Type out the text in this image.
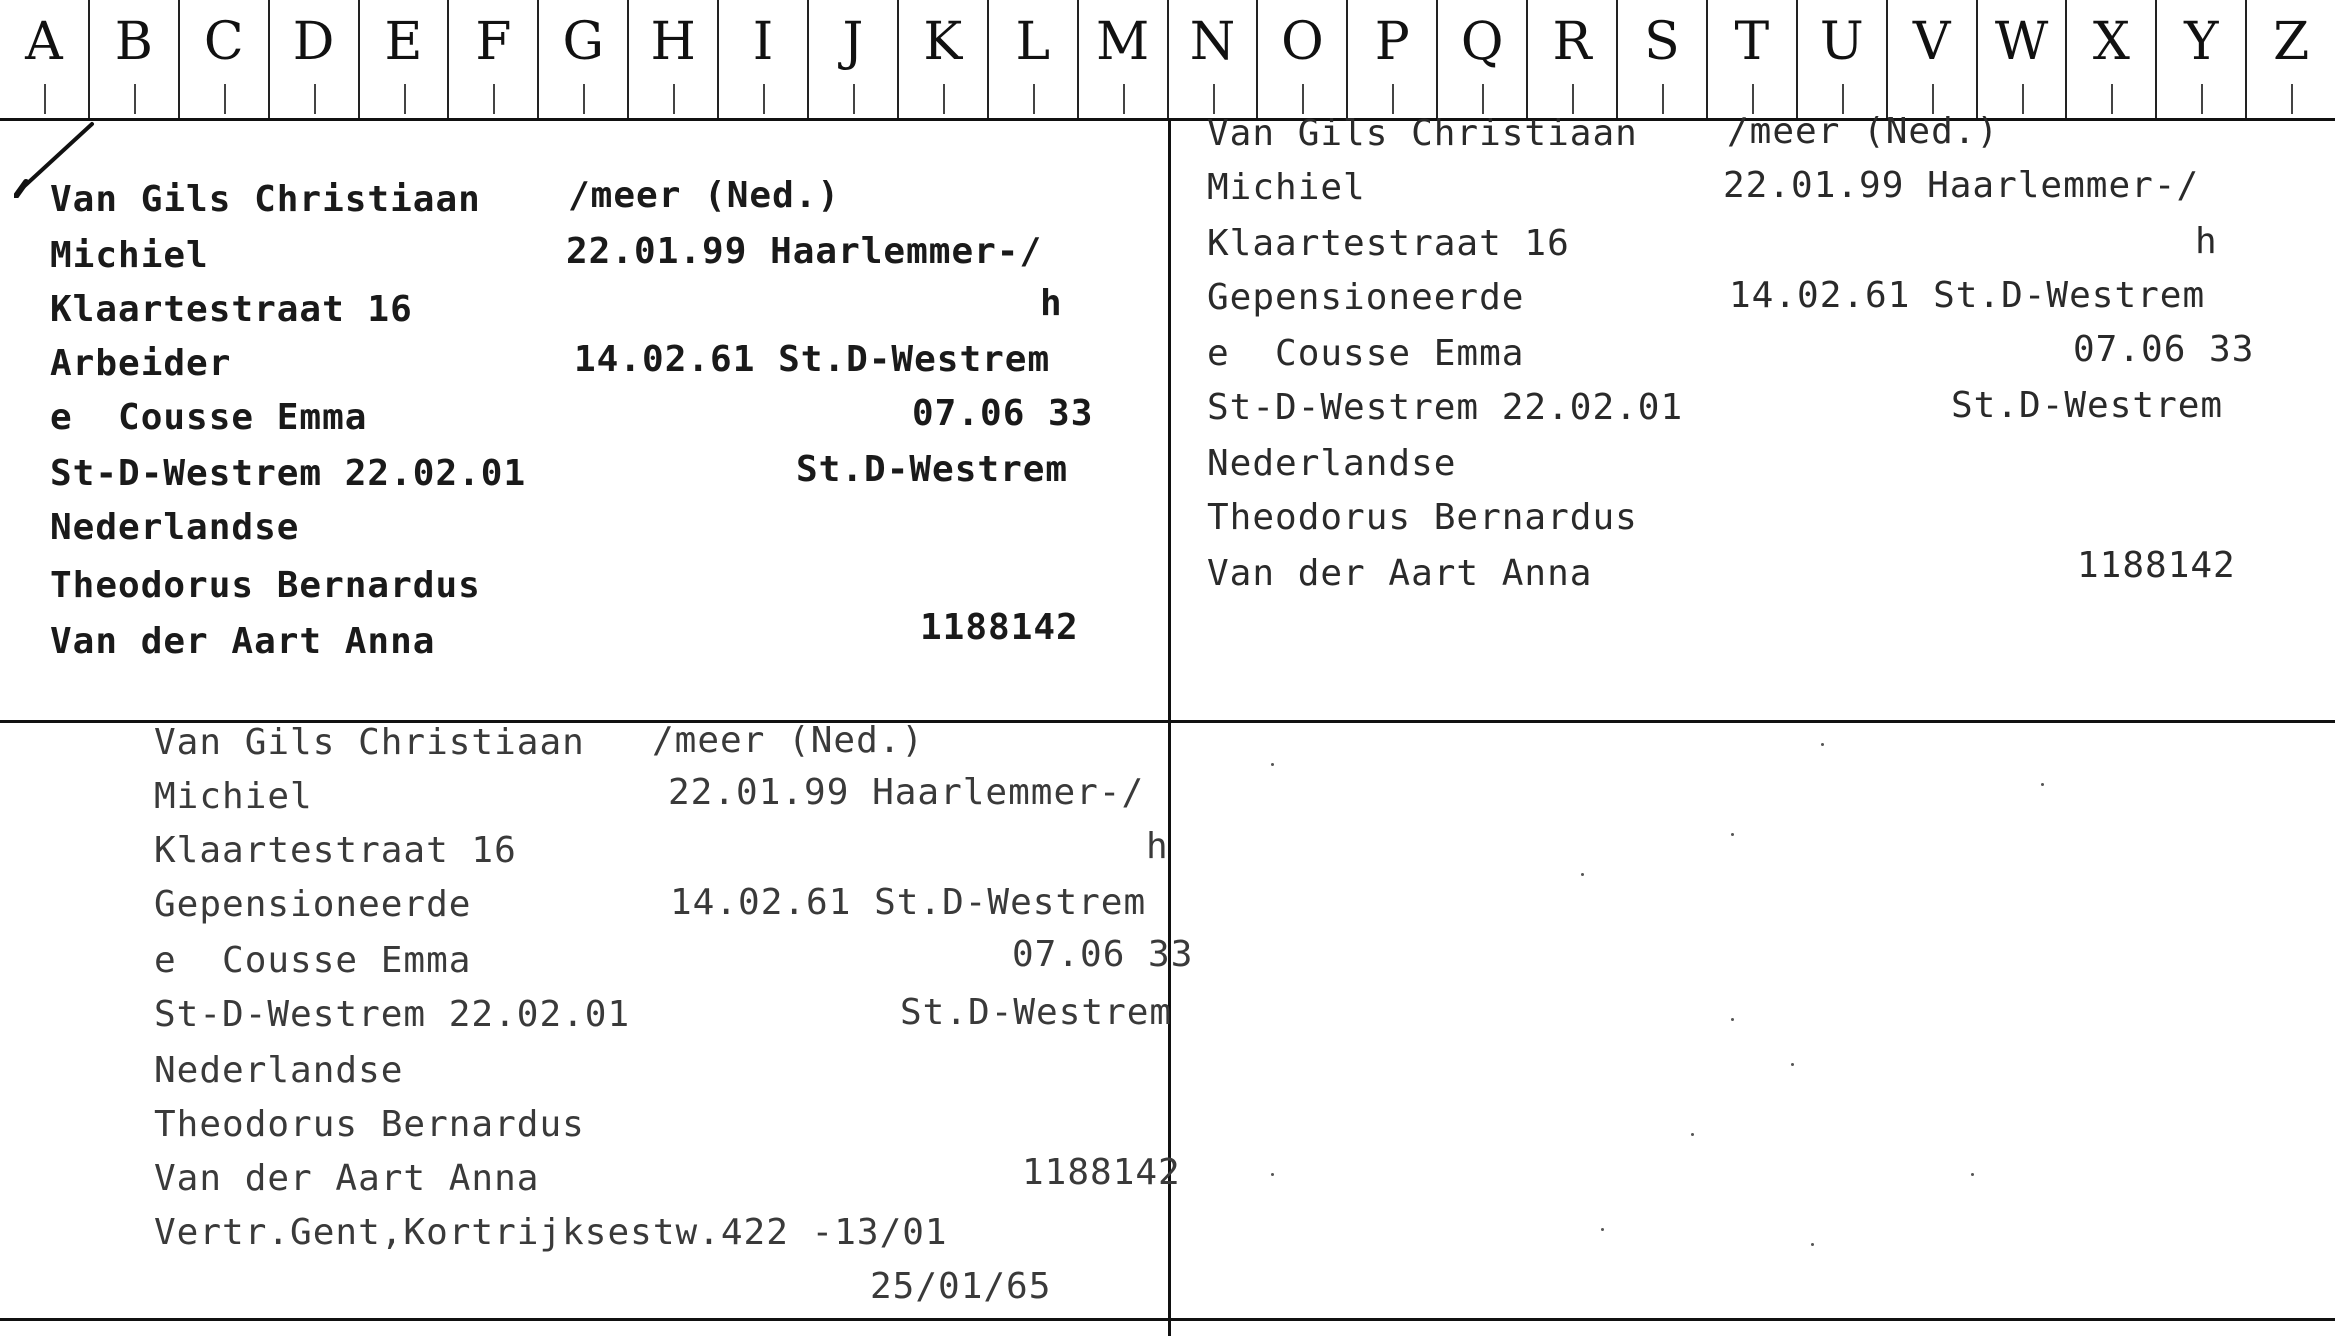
A B C D E F G H I J K L M N O P Q R S T U V W X Y Z
Van Gils Christiaan /meer (Ned.)
Michiel	22.01.99 Haarlemmer-/
Klaartestraat 16	h
Arbeider	14.02.61 St.D-Westrem
e  Cousse Emma	07.06 33
St-D-Westrem 22.02.01	St.D-Westrem
Nederlandse
Theodorus Bernardus
Van der Aart Anna	1188142
Van Gils Christiaan /meer (Ned.)
Michiel	22.01.99 Haarlemmer-/
Klaartestraat 16	h
Gepensioneerde	14.02.61 St.D-Westrem
e  Cousse Emma	07.06 33
St-D-Westrem 22.02.01	St.D-Westrem
Nederlandse
Theodorus Bernardus
Van der Aart Anna	1188142
Van Gils Christiaan /meer (Ned.)
Michiel	22.01.99 Haarlemmer-/
Klaartestraat 16	h
Gepensioneerde	14.02.61 St.D-Westrem
e  Cousse Emma	07.06 33
St-D-Westrem 22.02.01	St.D-Westrem
Nederlandse
Theodorus Bernardus
Van der Aart Anna	1188142
Vertr.Gent,Kortrijksestw.422 -13/01
25/01/65
